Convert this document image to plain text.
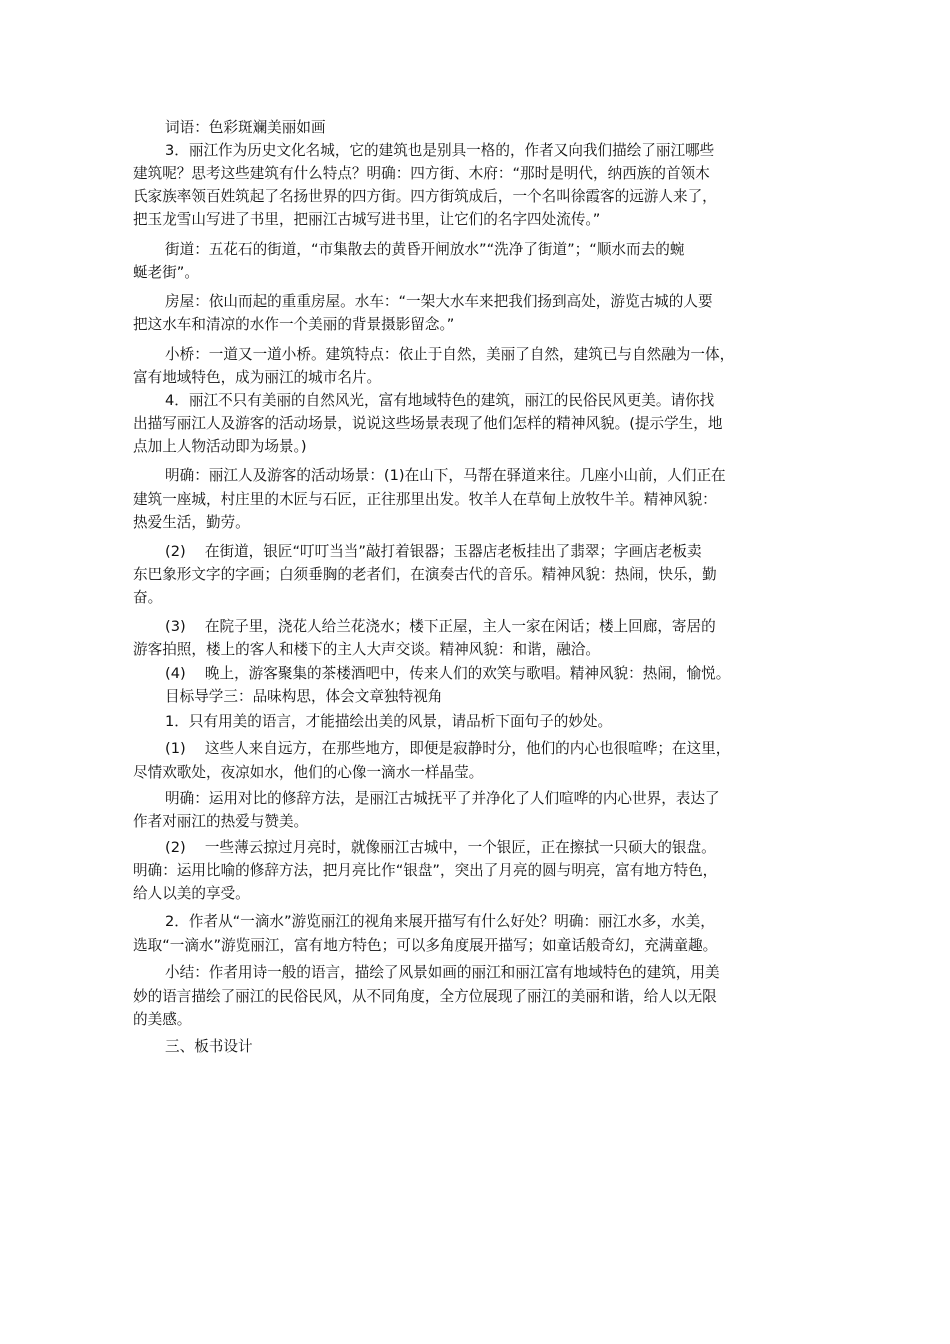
词语：色彩斑斓美丽如画
3．丽江作为历史文化名城，它的建筑也是别具一格的，作者又向我们描绘了丽江哪些
建筑呢？思考这些建筑有什么特点？明确：四方街、木府：“那时是明代，纳西族的首领木
氏家族率领百姓筑起了名扬世界的四方街。四方街筑成后，一个名叫徐霞客的远游人来了，
把玉龙雪山写进了书里，把丽江古城写进书里，让它们的名字四处流传。”
街道：五花石的街道，“市集散去的黄昏开闸放水”“洗净了街道”；“顺水而去的蜿
蜒老街”。
房屋：依山而起的重重房屋。水车：“一架大水车来把我们扬到高处，游览古城的人要
把这水车和清凉的水作一个美丽的背景摄影留念。”
小桥：一道又一道小桥。建筑特点：依止于自然，美丽了自然，建筑已与自然融为一体，
富有地域特色，成为丽江的城市名片。
4．丽江不只有美丽的自然风光，富有地域特色的建筑，丽江的民俗民风更美。请你找
出描写丽江人及游客的活动场景，说说这些场景表现了他们怎样的精神风貌。(提示学生，地
点加上人物活动即为场景。)
明确：丽江人及游客的活动场景：(1)在山下，马帮在驿道来往。几座小山前，人们正在
建筑一座城，村庄里的木匠与石匠，正往那里出发。牧羊人在草甸上放牧牛羊。精神风貌：
热爱生活，勤劳。
(2)　 在街道，银匠“叮叮当当”敲打着银器；玉器店老板挂出了翡翠；字画店老板卖
东巴象形文字的字画；白须垂胸的老者们，在演奏古代的音乐。精神风貌：热闹，快乐，勤
奋。
(3)　 在院子里，浇花人给兰花浇水；楼下正屋，主人一家在闲话；楼上回廊，寄居的
游客拍照，楼上的客人和楼下的主人大声交谈。精神风貌：和谐，融洽。
(4)　 晚上，游客聚集的茶楼酒吧中，传来人们的欢笑与歌唱。精神风貌：热闹，愉悦。
目标导学三：品味构思，体会文章独特视角
1．只有用美的语言，才能描绘出美的风景，请品析下面句子的妙处。
(1)　 这些人来自远方，在那些地方，即便是寂静时分，他们的内心也很喧哗；在这里，
尽情欢歌处，夜凉如水，他们的心像一滴水一样晶莹。
明确：运用对比的修辞方法，是丽江古城抚平了并净化了人们喧哗的内心世界，表达了
作者对丽江的热爱与赞美。
(2)　 一些薄云掠过月亮时，就像丽江古城中，一个银匠，正在擦拭一只硕大的银盘。
明确：运用比喻的修辞方法，把月亮比作“银盘”，突出了月亮的圆与明亮，富有地方特色，
给人以美的享受。
2．作者从“一滴水”游览丽江的视角来展开描写有什么好处？明确：丽江水多，水美，
选取“一滴水”游览丽江，富有地方特色；可以多角度展开描写；如童话般奇幻，充满童趣。
小结：作者用诗一般的语言，描绘了风景如画的丽江和丽江富有地域特色的建筑，用美
妙的语言描绘了丽江的民俗民风，从不同角度，全方位展现了丽江的美丽和谐，给人以无限
的美感。
三、板书设计
